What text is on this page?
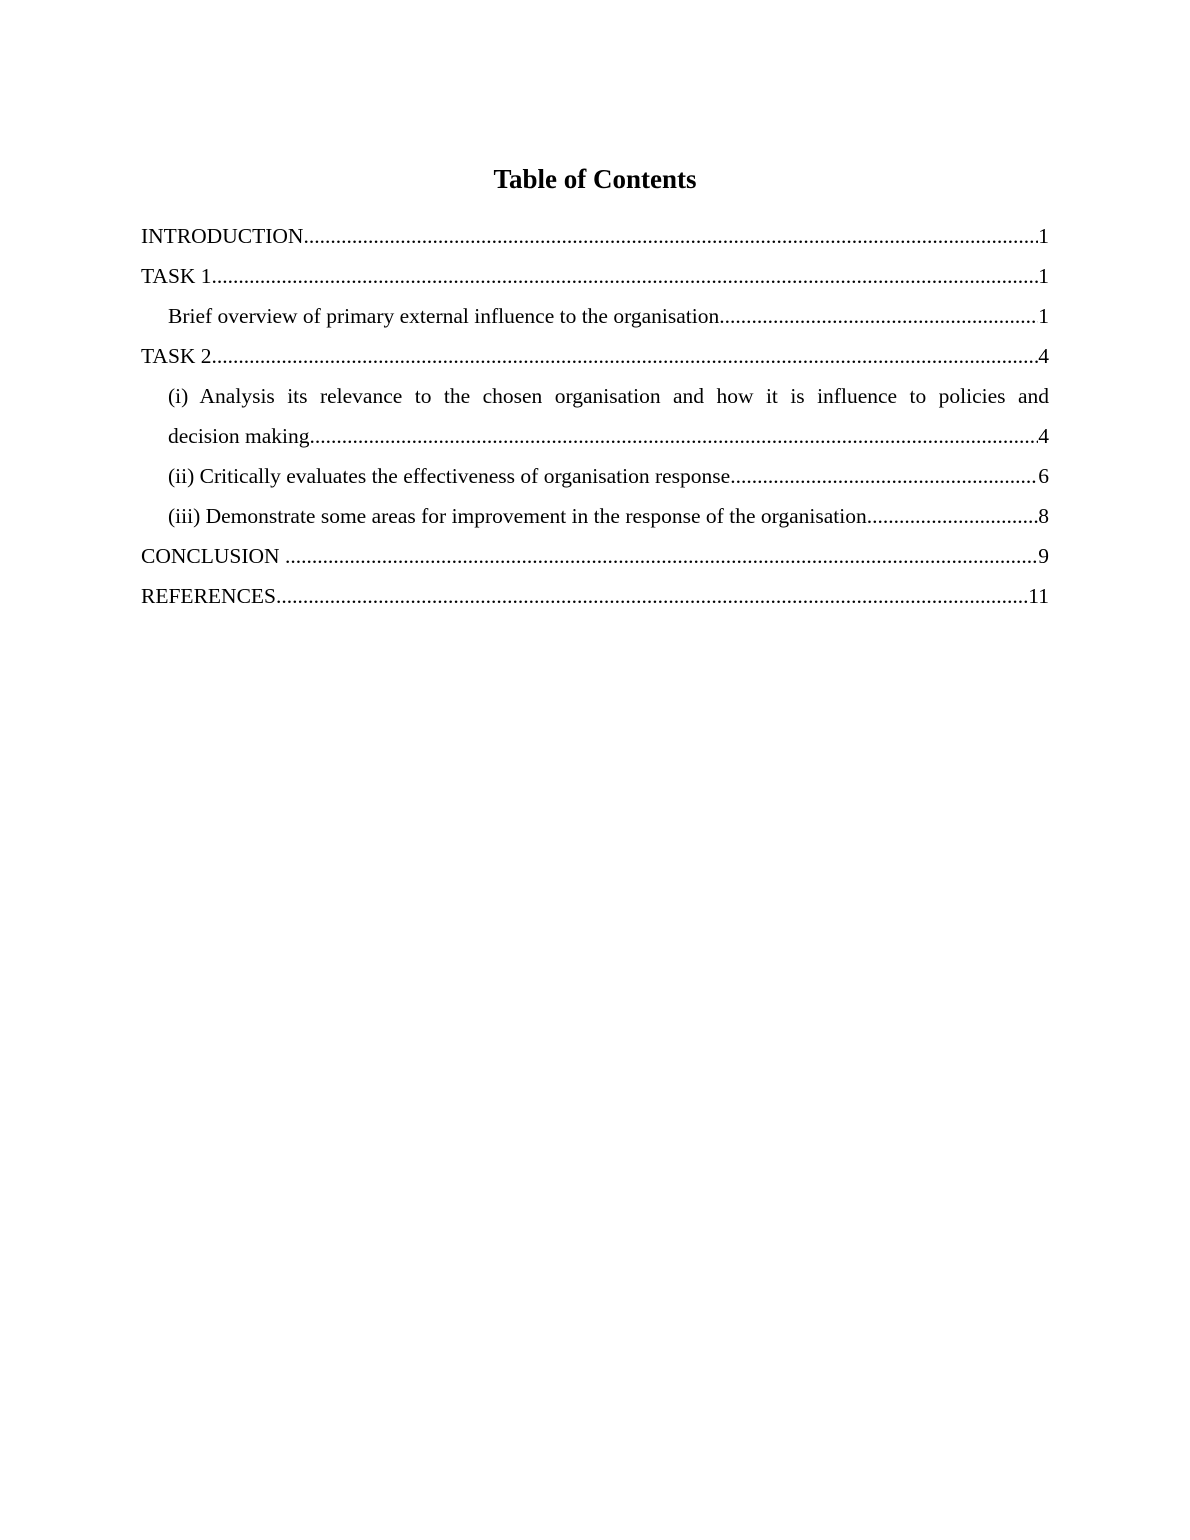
Table of Contents
INTRODUCTION .....	1
TASK 1 .....	1
Brief overview of primary external influence to the organisation .....	1
TASK 2 .....	4
(i) Analysis its relevance to the chosen organisation and how it is influence to policies and
decision making .....	4
(ii) Critically evaluates the effectiveness of organisation response .....	6
(iii) Demonstrate some areas for improvement in the response of the organisation .....	8
CONCLUSION .....	9
REFERENCES .....	11
